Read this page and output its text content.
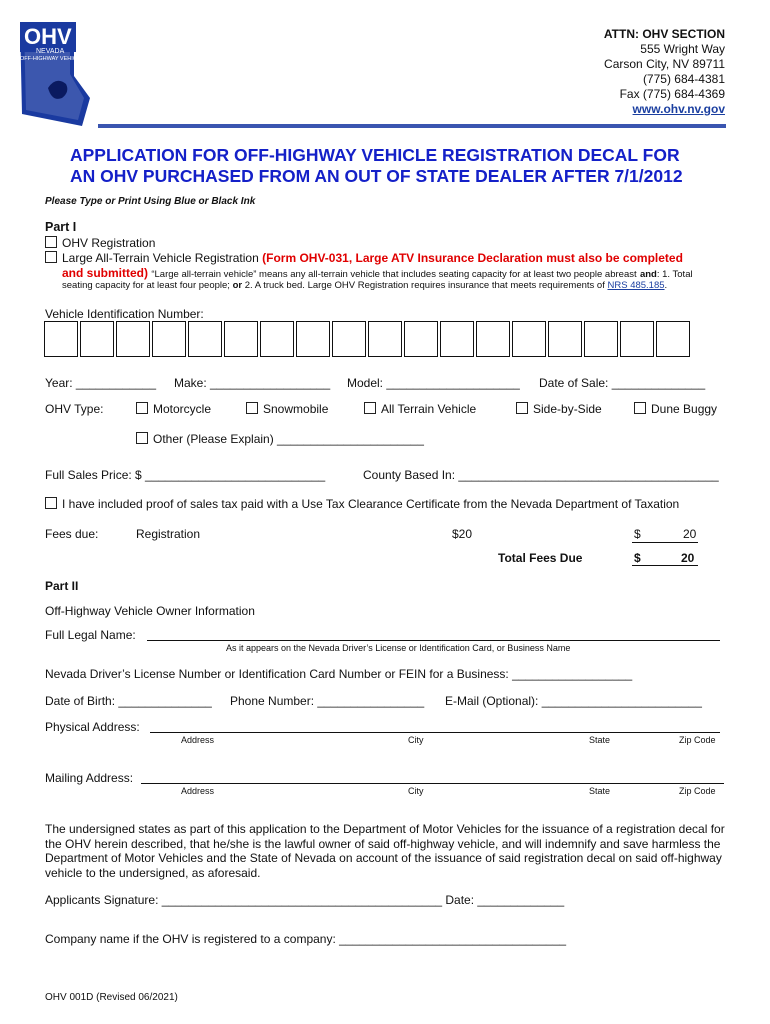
OHV
NEVADA
OFF-HIGHWAY VEHICLES
ATTN: OHV SECTION
555 Wright Way
Carson City, NV 89711
(775) 684-4381
Fax (775) 684-4369
www.ohv.nv.gov
APPLICATION FOR OFF-HIGHWAY VEHICLE REGISTRATION DECAL FOR
AN OHV PURCHASED FROM AN OUT OF STATE DEALER AFTER 7/1/2012
Please Type or Print Using Blue or Black Ink
Part I
OHV Registration
Large All-Terrain Vehicle Registration (Form OHV-031, Large ATV Insurance Declaration must also be completed
and submitted) “Large all-terrain vehicle” means any all-terrain vehicle that includes seating capacity for at least two people abreast and: 1. Total
seating capacity for at least four people; or 2. A truck bed. Large OHV Registration requires insurance that meets requirements of NRS 485.185.
Vehicle Identification Number:
Year: ____________ Make: __________________ Model: ____________________ Date of Sale: ______________
OHV Type:	Motorcycle	Snowmobile	All Terrain Vehicle	Side-by-Side	Dune Buggy
Other (Please Explain) ______________________
Full Sales Price: $ ___________________________	County Based In: _______________________________________
I have included proof of sales tax paid with a Use Tax Clearance Certificate from the Nevada Department of Taxation
Fees due:	Registration	$20	$	20
Total Fees Due	$	20
Part II
Off-Highway Vehicle Owner Information
Full Legal Name:
As it appears on the Nevada Driver’s License or Identification Card, or Business Name
Nevada Driver’s License Number or Identification Card Number or FEIN for a Business: __________________
Date of Birth: ______________ Phone Number: ________________ E-Mail (Optional): ________________________
Physical Address:
Address	City	State	Zip Code
Mailing Address:
Address	City	State	Zip Code
The undersigned states as part of this application to the Department of Motor Vehicles for the issuance of a registration decal for the OHV herein described, that he/she is the lawful owner of said off-highway vehicle, and will indemnify and save harmless the Department of Motor Vehicles and the State of Nevada on account of the issuance of said registration decal on said off-highway vehicle to the undersigned, as aforesaid.
Applicants Signature: __________________________________________ Date: _____________
Company name if the OHV is registered to a company: __________________________________
OHV 001D (Revised 06/2021)
